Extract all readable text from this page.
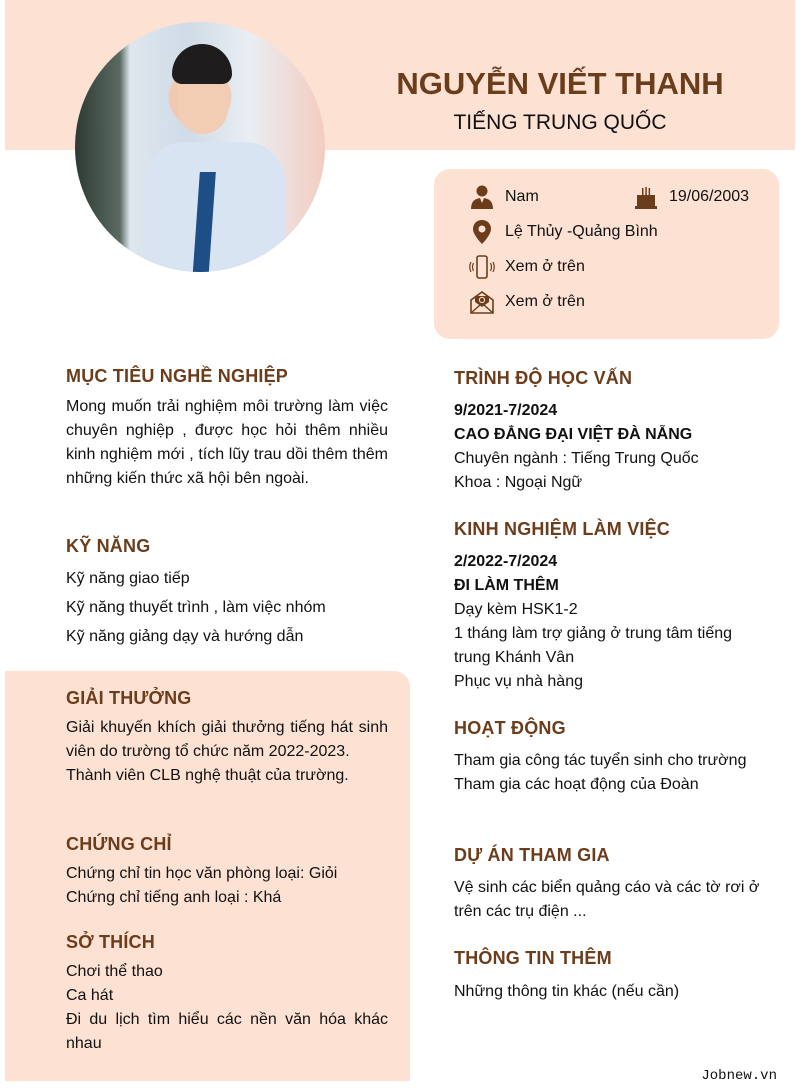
NGUYỄN VIẾT THANH
TIẾNG TRUNG QUỐC
Nam	19/06/2003
Lệ Thủy -Quảng Bình
Xem ở trên
Xem ở trên
MỤC TIÊU NGHỀ NGHIỆP
Mong muốn trải nghiệm môi trường làm việc chuyên nghiệp , được học hỏi thêm nhiều kinh nghiệm mới , tích lũy trau dồi thêm thêm những kiến thức xã hội bên ngoài.
KỸ NĂNG
Kỹ năng giao tiếp
Kỹ năng thuyết trình , làm việc nhóm
Kỹ năng giảng dạy và hướng dẫn
GIẢI THƯỞNG
Giải khuyến khích giải thưởng tiếng hát sinh viên do trường tổ chức năm 2022-2023.
Thành viên CLB nghệ thuật của trường.
CHỨNG CHỈ
Chứng chỉ tin học văn phòng loại: Giỏi
Chứng chỉ tiếng anh loại : Khá
SỞ THÍCH
Chơi thể thao
Ca hát
Đi du lịch tìm hiểu các nền văn hóa khác nhau
TRÌNH ĐỘ HỌC VẤN
9/2021-7/2024
CAO ĐẲNG ĐẠI VIỆT ĐÀ NẴNG
Chuyên ngành : Tiếng Trung Quốc
Khoa : Ngoại Ngữ
KINH NGHIỆM LÀM VIỆC
2/2022-7/2024
ĐI LÀM THÊM
Dạy kèm HSK1-2
1 tháng làm trợ giảng ở trung tâm tiếng trung Khánh Vân
Phục vụ nhà hàng
HOẠT ĐỘNG
Tham gia công tác tuyển sinh cho trường
Tham gia các hoạt động của Đoàn
DỰ ÁN THAM GIA
Vệ sinh các biển quảng cáo và các tờ rơi ở trên các trụ điện ...
THÔNG TIN THÊM
Những thông tin khác (nếu cần)
Jobnew.vn
